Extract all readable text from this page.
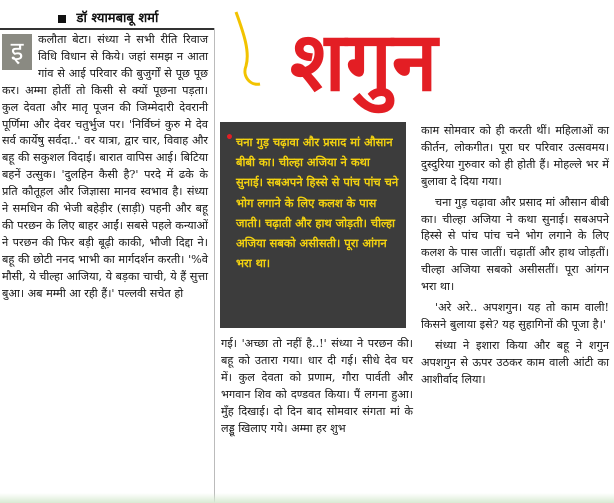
डॉ श्यामबाबू शर्मा शगुन
इ	कलौता बेटा। संध्या ने सभी रीति रिवाज विधि विधान से किये। जहां समझ न आता गांव से आई परिवार की बुजुर्गों से पूछ पूछ कर। अम्मा होतीं तो किसी से क्यों पूछना पड़ता। कुल देवता और मातृ पूजन की जिम्मेदारी देवरानी पूर्णिमा और देवर चतुर्भुज पर। 'निर्विघ्नं कुरु मे देव सर्व कार्येषु सर्वदा..' वर यात्रा, द्वार चार, विवाह और बहू की सकुशल विदाई। बारात वापिस आई। बिटिया बहनें उत्सुक। 'दुलहिन कैसी है?' परदे में ढके के प्रति कौतूहल और जिज्ञासा मानव स्वभाव है। संध्या ने समधिन की भेजी बहेड़ीर (साड़ी) पहनी और बहू की परछन के लिए बाहर आईं। सबसे पहले कन्याओं ने परछन की फिर बड़ी बूढ़ी काकी, भौजी दिद्दा ने। बहू की छोटी ननद भाभी का मार्गदर्शन करती। '%वे मौसी, ये चील्हा आजिया, ये बड़का चाची, ये हैं सुत्ता बुआ। अब मम्मी आ रही हैं।' पल्लवी सचेत हो
• चना गुड़ चढ़ावा और प्रसाद मां औसान बीबी का। चील्हा अजिया ने कथा सुनाई। सबअपने हिस्से से पांच पांच चने भोग लगाने के लिए कलश के पास जाती। चढ़ाती और हाथ जोड़ती। चील्हा अजिया सबको असीसती। पूरा आंगन भरा था।
गई। 'अच्छा तो नहीं है..!' संध्या ने परछन की। बहू को उतारा गया। धार दी गई। सीधे देव घर में। कुल देवता को प्रणाम, गौरा पार्वती और भगवान शिव को दण्डवत किया। पैं लगना हुआ। मुँह दिखाई। दो दिन बाद सोमवार संगता मां के लड्डू खिलाए गये। अम्मा हर शुभ

काम सोमवार को ही करती थीं। महिलाओं का कीर्तन, लोकगीत। पूरा घर परिवार उत्सवमय। दुस्दुरिया गुरुवार को ही होती हैं। मोहल्ले भर में बुलावा दे दिया गया।

चना गुड़ चढ़ावा और प्रसाद मां औसान बीबी का। चील्हा अजिया ने कथा सुनाई। सबअपने हिस्से से पांच पांच चने भोग लगाने के लिए कलश के पास जातीं। चढ़ातीं और हाथ जोड़तीं। चील्हा अजिया सबको असीसतीं। पूरा आंगन भरा था।

'अरे अरे.. अपशगुन। यह तो काम वाली! किसने बुलाया इसे? यह सुहागिनों की पूजा है।'

संध्या ने इशारा किया और बहू ने शगुन अपशगुन से ऊपर उठकर काम वाली आंटी का आशीर्वाद लिया।
